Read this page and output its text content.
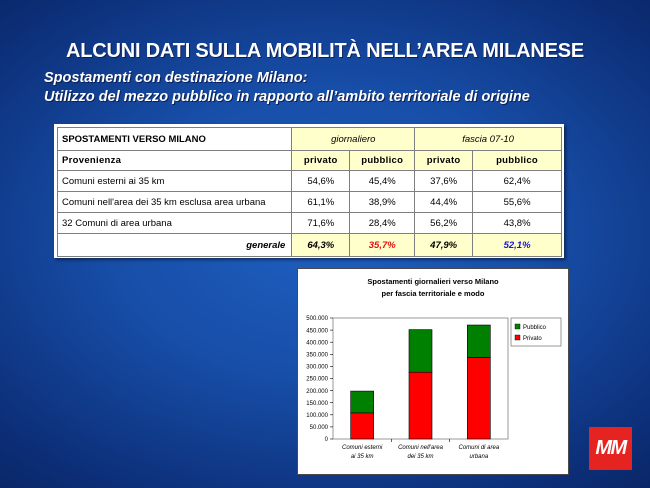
ALCUNI DATI SULLA MOBILITÀ NELL’AREA MILANESE
Spostamenti con destinazione Milano:
Utilizzo del mezzo pubblico in rapporto all’ambito territoriale di origine
SPOSTAMENTI VERSO MILANO	giornaliero		fascia 07-10	
Provenienza	privato	pubblico	privato	pubblico
Comuni esterni ai 35 km	54,6%	45,4%	37,6%	62,4%
Comuni nell'area dei 35 km esclusa area urbana	61,1%	38,9%	44,4%	55,6%
32 Comuni di area urbana	71,6%	28,4%	56,2%	43,8%
generale	64,3%	35,7%	47,9%	52,1%
Spostamenti giornalieri verso Milano
per fascia territoriale e modo
0
50.000
100.000
150.000
200.000
250.000
300.000
350.000
400.000
450.000
500.000
Comuni esterni
ai 35 km
Comuni nell'area
dei 35 km
Comuni di area
urbana
Pubblico
Privato
MM
